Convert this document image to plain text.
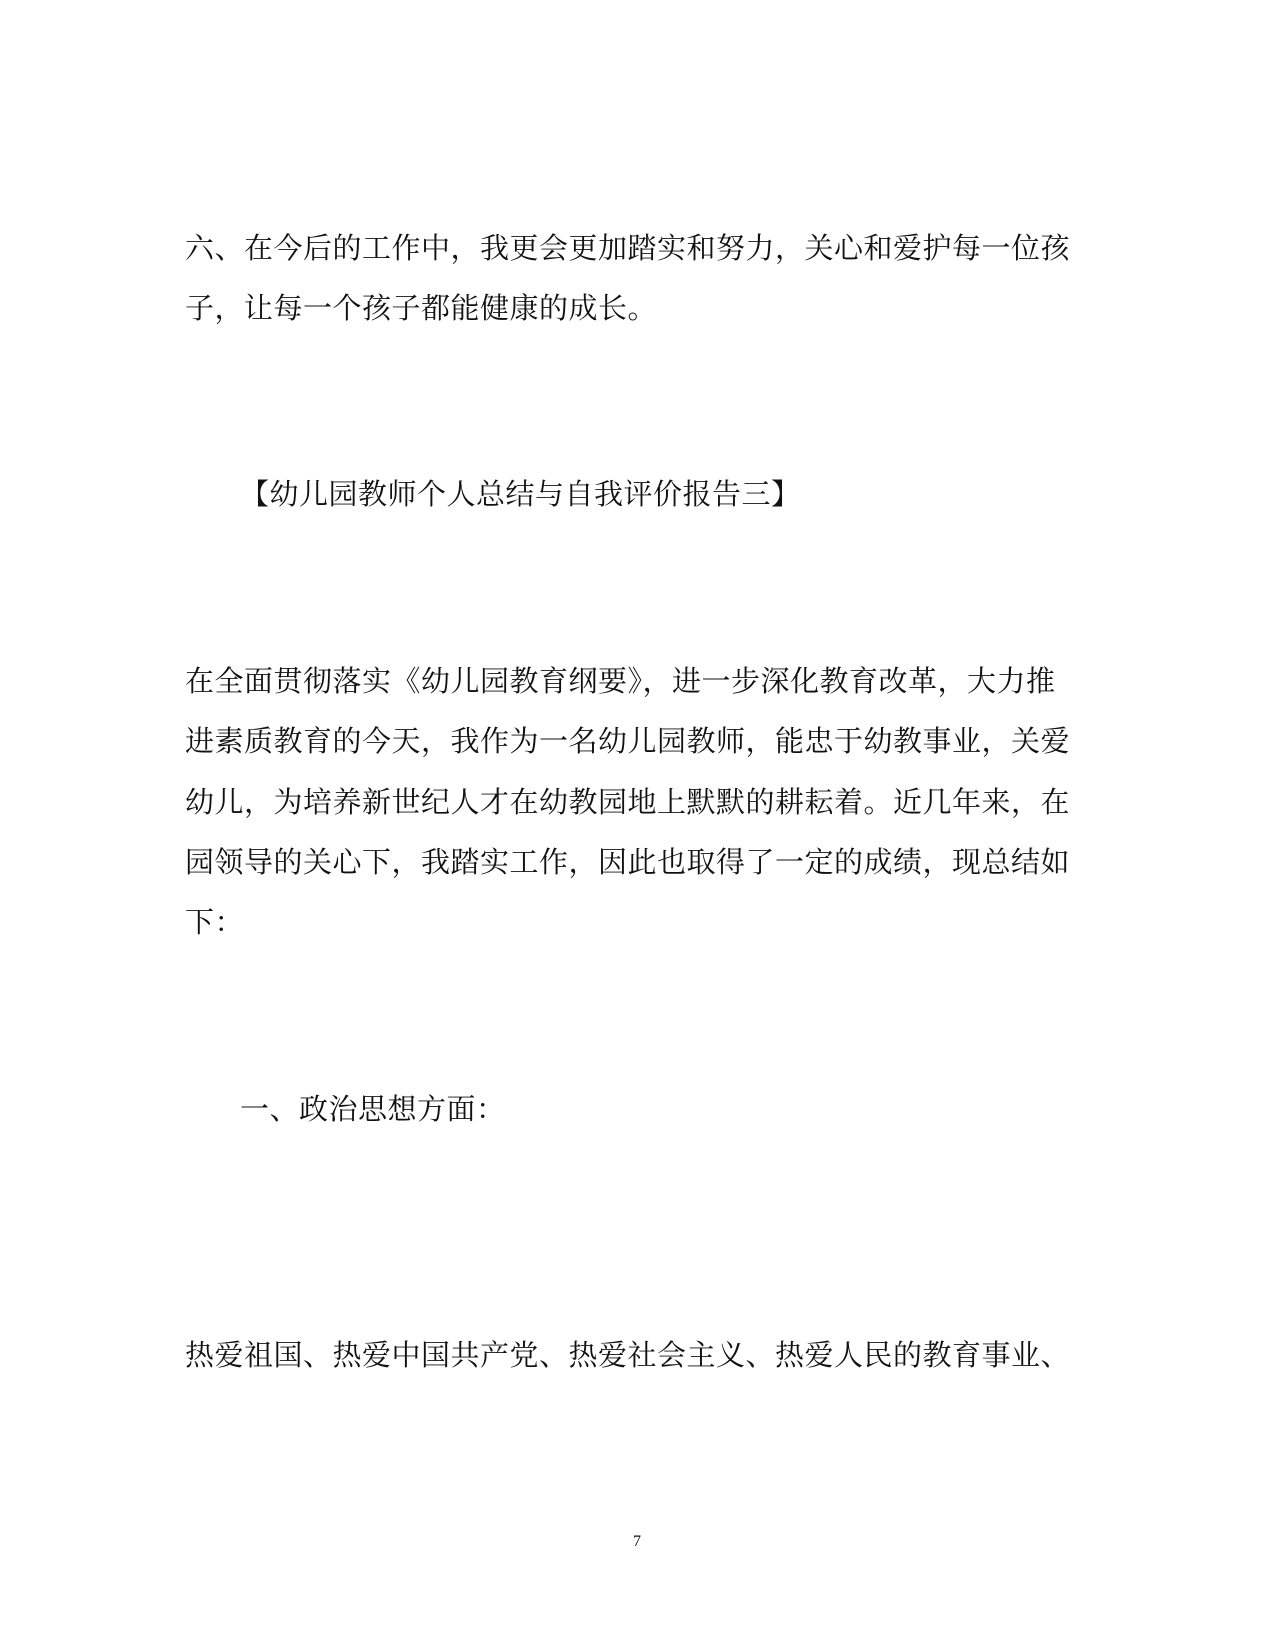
六、在今后的工作中，我更会更加踏实和努力，关心和爱护每一位孩
子，让每一个孩子都能健康的成长。
【幼儿园教师个人总结与自我评价报告三】
在全面贯彻落实《幼儿园教育纲要》，进一步深化教育改革，大力推
进素质教育的今天，我作为一名幼儿园教师，能忠于幼教事业，关爱
幼儿，为培养新世纪人才在幼教园地上默默的耕耘着。近几年来，在
园领导的关心下，我踏实工作，因此也取得了一定的成绩，现总结如
下：
一、政治思想方面：
热爱祖国、热爱中国共产党、热爱社会主义、热爱人民的教育事业、
7
